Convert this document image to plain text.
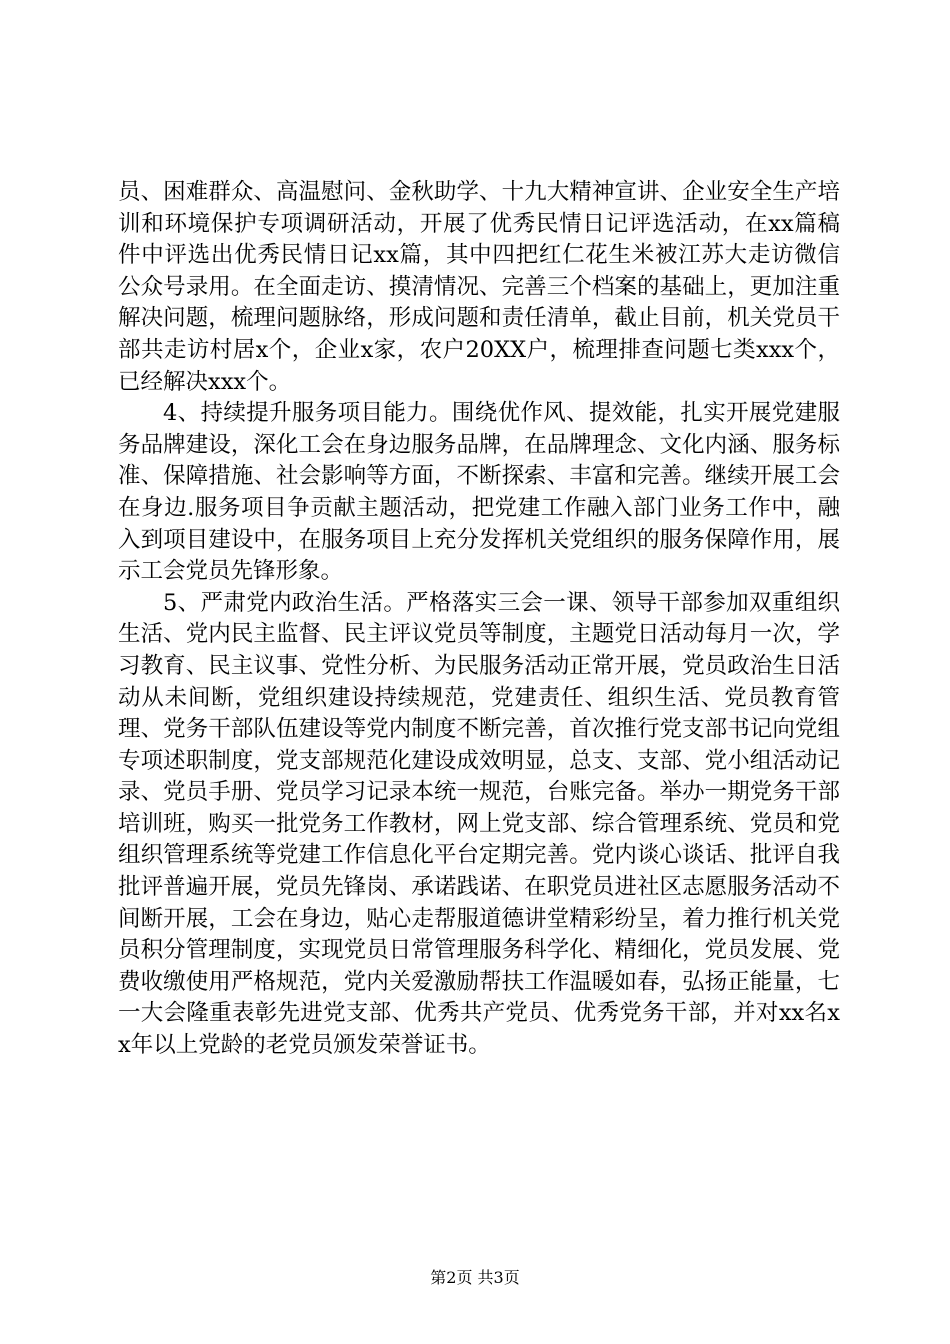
员、困难群众、高温慰问、金秋助学、十九大精神宣讲、企业安全生产培训和环境保护专项调研活动，开展了优秀民情日记评选活动，在xx篇稿件中评选出优秀民情日记xx篇，其中四把红仁花生米被江苏大走访微信公众号录用。在全面走访、摸清情况、完善三个档案的基础上，更加注重解决问题，梳理问题脉络，形成问题和责任清单，截止目前，机关党员干部共走访村居x个，企业x家，农户20XX户，梳理排查问题七类xxx个，已经解决xxx个。

4、持续提升服务项目能力。围绕优作风、提效能，扎实开展党建服务品牌建设，深化工会在身边服务品牌，在品牌理念、文化内涵、服务标准、保障措施、社会影响等方面，不断探索、丰富和完善。继续开展工会在身边.服务项目争贡献主题活动，把党建工作融入部门业务工作中，融入到项目建设中，在服务项目上充分发挥机关党组织的服务保障作用，展示工会党员先锋形象。

5、严肃党内政治生活。严格落实三会一课、领导干部参加双重组织生活、党内民主监督、民主评议党员等制度，主题党日活动每月一次，学习教育、民主议事、党性分析、为民服务活动正常开展，党员政治生日活动从未间断，党组织建设持续规范，党建责任、组织生活、党员教育管理、党务干部队伍建设等党内制度不断完善，首次推行党支部书记向党组专项述职制度，党支部规范化建设成效明显，总支、支部、党小组活动记录、党员手册、党员学习记录本统一规范，台账完备。举办一期党务干部培训班，购买一批党务工作教材，网上党支部、综合管理系统、党员和党组织管理系统等党建工作信息化平台定期完善。党内谈心谈话、批评自我批评普遍开展，党员先锋岗、承诺践诺、在职党员进社区志愿服务活动不间断开展，工会在身边，贴心走帮服道德讲堂精彩纷呈，着力推行机关党员积分管理制度，实现党员日常管理服务科学化、精细化，党员发展、党费收缴使用严格规范，党内关爱激励帮扶工作温暖如春，弘扬正能量，七一大会隆重表彰先进党支部、优秀共产党员、优秀党务干部，并对xx名xx年以上党龄的老党员颁发荣誉证书。

第2页 共3页
